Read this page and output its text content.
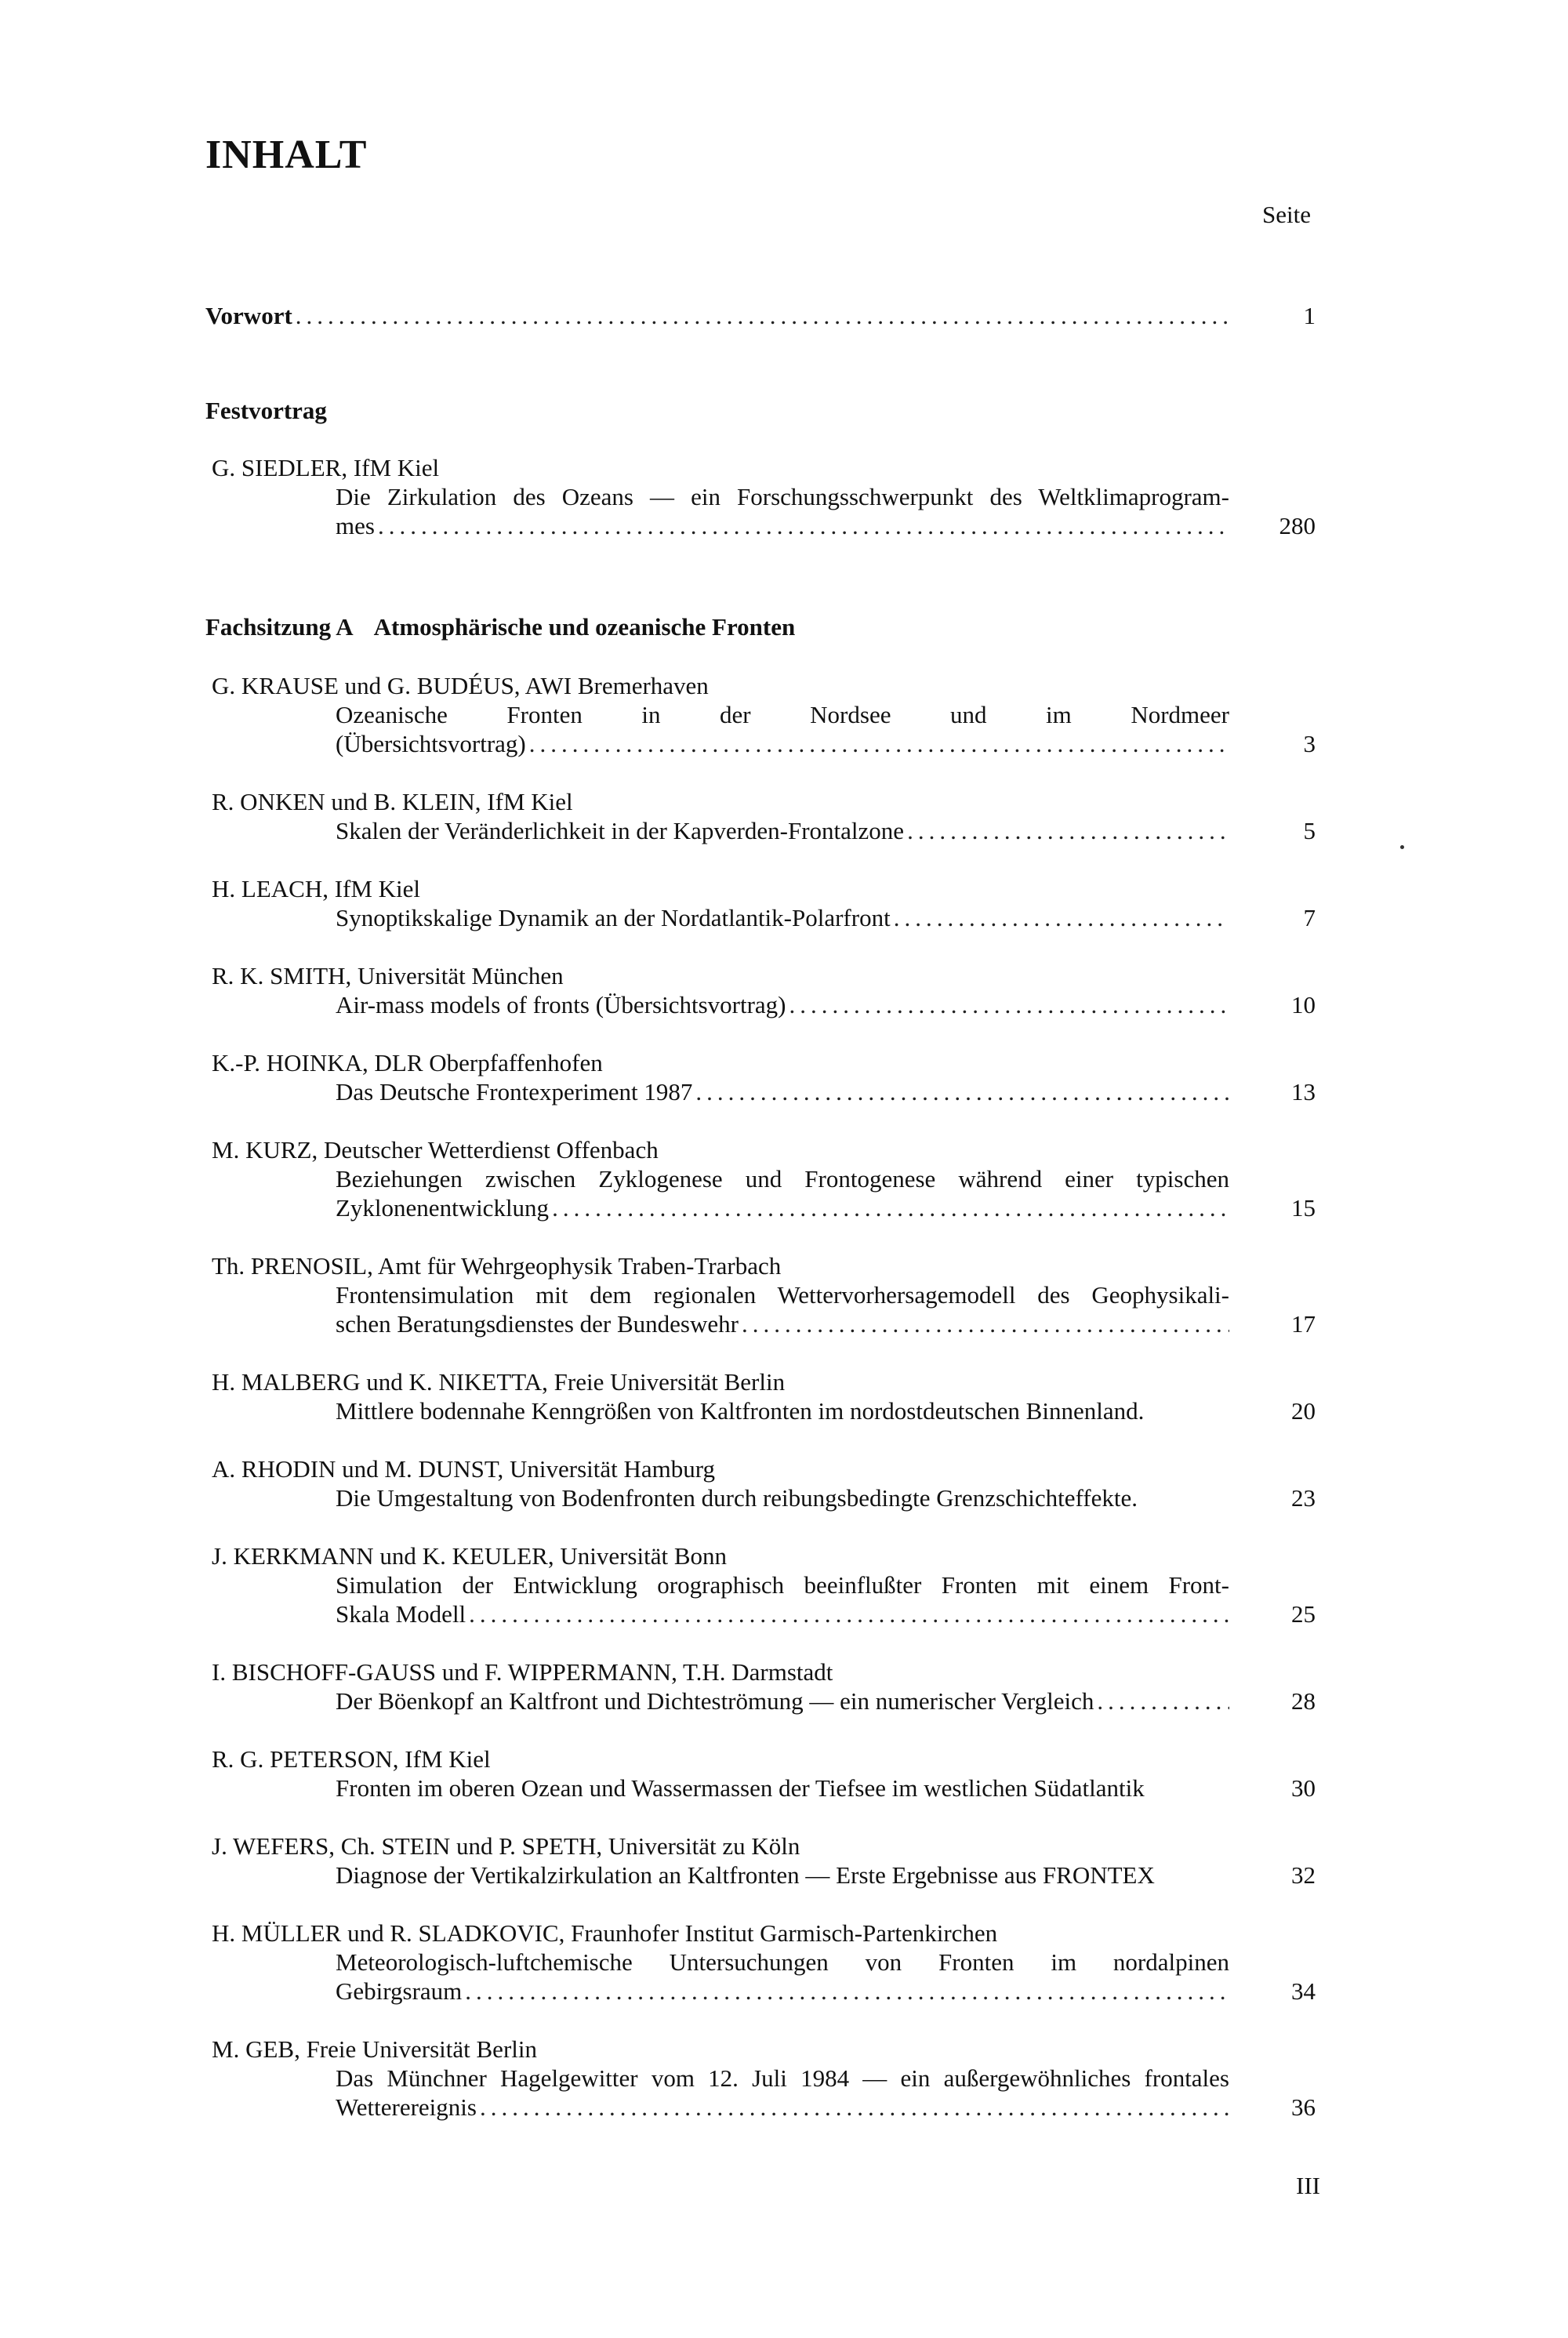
INHALT
Seite
Vorwort .....	1
Festvortrag
G. SIEDLER, IfM Kiel
Die Zirkulation des Ozeans — ein Forschungsschwerpunkt des Weltklimaprogram-
mes .....	280
Fachsitzung A Atmosphärische und ozeanische Fronten
G. KRAUSE und G. BUDÉUS, AWI Bremerhaven
Ozeanische Fronten in der Nordsee und im Nordmeer
(Übersichtsvortrag) .....	3
R. ONKEN und B. KLEIN, IfM Kiel
Skalen der Veränderlichkeit in der Kapverden-Frontalzone .....	5
H. LEACH, IfM Kiel
Synoptikskalige Dynamik an der Nordatlantik-Polarfront .....	7
R. K. SMITH, Universität München
Air-mass models of fronts (Übersichtsvortrag) .....	10
K.-P. HOINKA, DLR Oberpfaffenhofen
Das Deutsche Frontexperiment 1987 .....	13
M. KURZ, Deutscher Wetterdienst Offenbach
Beziehungen zwischen Zyklogenese und Frontogenese während einer typischen
Zyklonenentwicklung .....	15
Th. PRENOSIL, Amt für Wehrgeophysik Traben-Trarbach
Frontensimulation mit dem regionalen Wettervorhersagemodell des Geophysikali-
schen Beratungsdienstes der Bundeswehr .....	17
H. MALBERG und K. NIKETTA, Freie Universität Berlin
Mittlere bodennahe Kenngrößen von Kaltfronten im nordostdeutschen Binnenland.	20
A. RHODIN und M. DUNST, Universität Hamburg
Die Umgestaltung von Bodenfronten durch reibungsbedingte Grenzschichteffekte.	23
J. KERKMANN und K. KEULER, Universität Bonn
Simulation der Entwicklung orographisch beeinflußter Fronten mit einem Front-
Skala Modell .....	25
I. BISCHOFF-GAUSS und F. WIPPERMANN, T.H. Darmstadt
Der Böenkopf an Kaltfront und Dichteströmung — ein numerischer Vergleich .....	28
R. G. PETERSON, IfM Kiel
Fronten im oberen Ozean und Wassermassen der Tiefsee im westlichen Südatlantik	30
J. WEFERS, Ch. STEIN und P. SPETH, Universität zu Köln
Diagnose der Vertikalzirkulation an Kaltfronten — Erste Ergebnisse aus FRONTEX	32
H. MÜLLER und R. SLADKOVIC, Fraunhofer Institut Garmisch-Partenkirchen
Meteorologisch-luftchemische Untersuchungen von Fronten im nordalpinen
Gebirgsraum .....	34
M. GEB, Freie Universität Berlin
Das Münchner Hagelgewitter vom 12. Juli 1984 — ein außergewöhnliches frontales
Wetterereignis .....	36
III
